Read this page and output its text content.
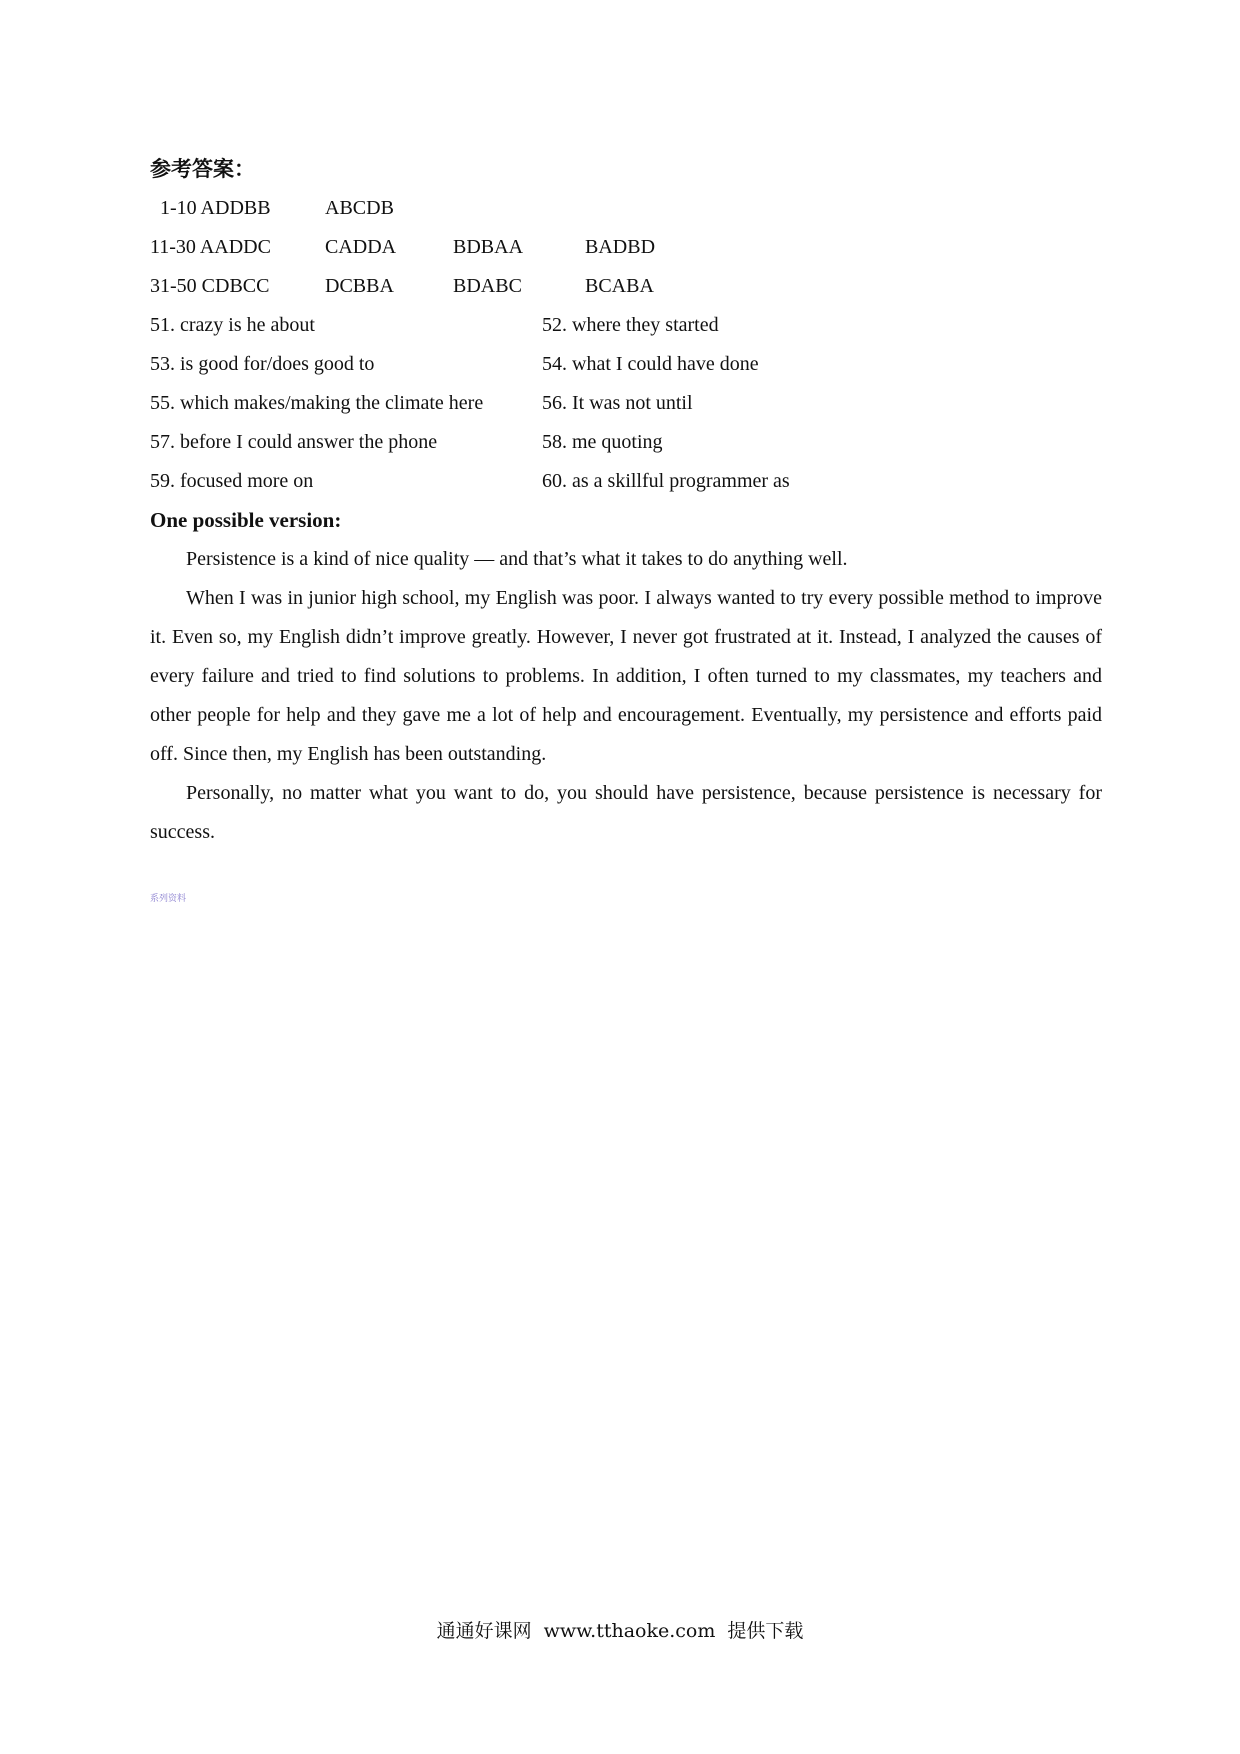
参考答案：
1-10 ADDBB	ABCDB
11-30 AADDC	CADDA	BDBAA	BADBD
31-50 CDBCC	DCBBA	BDABC	BCABA
51. crazy is he about	52. where they started
53. is good for/does good to	54. what I could have done
55. which makes/making the climate here	56. It was not until
57. before I could answer the phone	58. me quoting
59. focused more on	60. as a skillful programmer as
One possible version:

Persistence is a kind of nice quality — and that’s what it takes to do anything well.

When I was in junior high school, my English was poor. I always wanted to try every possible method to improve it. Even so, my English didn’t improve greatly. However, I never got frustrated at it. Instead, I analyzed the causes of every failure and tried to find solutions to problems. In addition, I often turned to my classmates, my teachers and other people for help and they gave me a lot of help and encouragement. Eventually, my persistence and efforts paid off. Since then, my English has been outstanding.

Personally, no matter what you want to do, you should have persistence, because persistence is necessary for success.

系列资料
通通好课网 www.tthaoke.com 提供下载
